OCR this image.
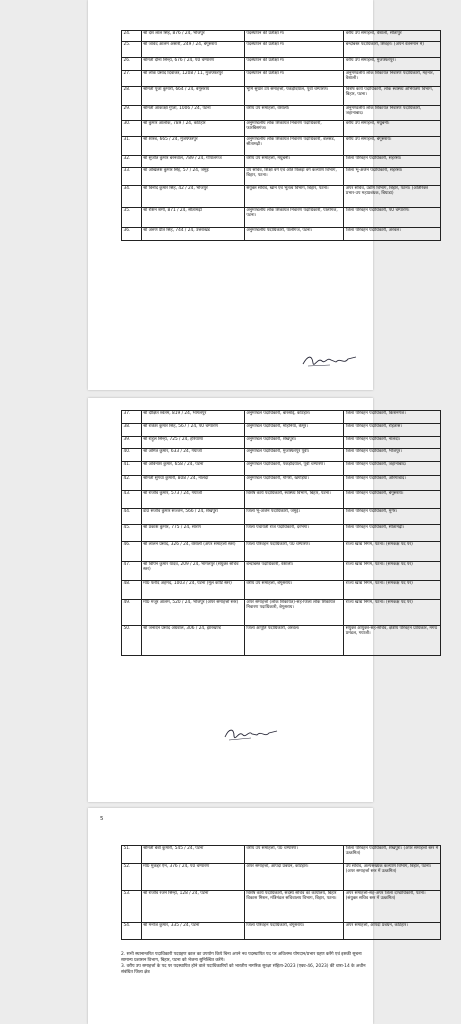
24.	श्री देश लाल सिंह, 876 / 24, भोजपुर	पदस्थापन की प्रतीक्षा में।	वरीय उप समाहर्त्ता, वैशाली, सीतापुर
25.	श्री जावेद आलम अंसारी, 249 / 24, बेगूसराय	पदस्थापन की प्रतीक्षा में।	बन्दोबस्त पदाधिकारी, शिवहर। (अपने वेतनमान में)
26.	श्रीमती दीना सिन्हा, 676 / 24, प0 चम्पारण	पदस्थापन की प्रतीक्षा में।	वरीय उप समाहर्त्ता, मुजफ्फरपुर।
27.	श्री लोक प्रसाद दिवाकर, 1208 / 11, मुजफ्फरपुर	पदस्थापन की प्रतीक्षा में।	अनुमण्डलीय लोक शिकायत निवारण पदाधिकारी, महनार, वैशाली।
28.	श्रीमती पूजा कुमारी, 664 / 24, बेगूसराय	भूमि सुधार उप समाहर्त्ता, पकड़ीदयाल, पूर्वी चम्पारण।	विशेष कार्य पदाधिकारी, लोक स्वास्थ्य अभियंत्रण विभाग, बिहार, पटना।
29.	श्रीमती आकांक्षा गुप्ता, 1006 / 24, पटना	वरीय उप समाहर्त्ता, वैशाली।	अनुमण्डलीय लोक शिकायत निवारण पदाधिकारी, जहानाबाद।
30.	श्री कुमार आलोक, 789 / 24, कटिहार	अनुमण्डलीय लोक शिकायत निवारण पदाधिकारी, फारबिसगंज।	वरीय उप समाहर्त्ता, मधुबनी।
31.	श्री शारब, 665 / 24, मुजफ्फरपुर	अनुमण्डलीय लोक शिकायत निवारण पदाधिकारी, बेलसंड, सीतामढ़ी।	वरीय उप समाहर्त्ता, बेगूसराय।
32.	श्री सुजीत कुमार बरनवाल, 789 / 24, गोपालगंज	वरीय उप समाहर्त्ता, मधुबनी।	जिला परिवहन पदाधिकारी, सहरसा।
33.	श्री अखिलेश कुमार सिंह, 57 / 24, जमुई	उप सचिव, शिक्षा वर्ग एवं अति पिछड़ा वर्ग कल्याण विभाग, बिहार, पटना।	जिला भू-अर्जन पदाधिकारी, सहरसा।
34.	श्री विनोद कुमार सिंह, 42 / 24, भोजपुर	संयुक्त सचिव, खान एवं भूतत्व विभाग, बिहार, पटना।	अपर सचिव, उद्योग विभाग, बिहार, पटना। (अतिरिक्त प्रभार-उप महाप्रबंधक, बियाडा)
35.	श्री रौशन शमी, 871 / 24, सीतामढ़ी	अनुमण्डलीय लोक शिकायत निवारण पदाधिकारी, पालीगंज, पटना।	जिला परिवहन पदाधिकारी, प0 चम्पारण।
36.	श्री अरुण प्रीत सिंह, 744 / 24, उत्तराखंड	अनुमण्डलीय पदाधिकारी, पालीगंज, पटना।	जिला परिवहन पदाधिकारी, अरवल।
37.	श्री दीक्षित श्वेतम, 819 / 24, भागलपुर	अनुमण्डल पदाधिकारी, बारसोई, कटिहार।	जिला परिवहन पदाधिकारी, किशनगंज।
38.	श्री राकेश कुमार सिंह, 567 / 24, प0 चम्पारण	अनुमण्डल पदाधिकारी, मोहनियाँ, कैमूर।	जिला परिवहन पदाधिकारी, रोहतास।
39.	श्री राहुल सिन्हा, 725 / 24, हरियाणा	अनुमण्डल पदाधिकारी, शेखपुरा।	जिला परिवहन पदाधिकारी, नालंदा।
40.	श्री अमित कुमार, 633 / 24, गयाजी	अनुमण्डल पदाधिकारी, मुजफ्फरपुर पूर्वी।	जिला परिवहन पदाधिकारी, भोजपुर।
41.	श्री अविनाश कुमार, 658 / 24, पटना	अनुमण्डल पदाधिकारी, पकड़ीदयाल, पूर्वी चम्पारण।	जिला परिवहन पदाधिकारी, जहानाबाद।
42.	श्रीमती सुगंधा कुमारी, 808 / 24, नालंदा	अनुमण्डल पदाधिकारी, गोगरी, खगड़िया।	जिला परिवहन पदाधिकारी, औरंगाबाद।
43.	श्री राजीव कुमार, 573 / 24, गयाजी	विशेष कार्य पदाधिकारी, स्वास्थ्य विभाग, बिहार, पटना।	जिला परिवहन पदाधिकारी, बेगूसराय।
44.	डॉ0 संजीव कुमार सज्जन, 566 / 24, शेखपुरा	जिला भू-अर्जन पदाधिकारी, जमुई।	जिला परिवहन पदाधिकारी, मुंगेर।
45.	श्री प्रकाश कुमार, 775 / 24, सारण	जिला पंचायती राज पदाधिकारी, दरभंगा।	जिला परिवहन पदाधिकारी, सीतामढ़ी।
46.	श्री लालन प्रसाद, 326 / 24, वैशाली (अपर समाहर्त्ता स्तर)	जिला परिवहन पदाधिकारी, प0 चम्पारण।	राज्य खाद्य निगम, पटना। (समकक्ष पद पर)
47.	श्री विपिन कुमार यादव, 209 / 24, भागलपुर (संयुक्त सचिव स्तर)	बन्दोबस्त पदाधिकारी, वैशाली।	राज्य खाद्य निगम, पटना। (समकक्ष पद पर)
48.	मो0 फरीद अहमद, 1003 / 24, पटना (मूल कोटि स्तर)	वरीय उप समाहर्त्ता, बेगूसराय।	राज्य खाद्य निगम, पटना। (समकक्ष पद पर)
49.	मो0 मंजूर आलम, 520 / 24, भोजपुर (अपर समाहर्त्ता स्तर)	अपर समाहर्त्ता (लोक शिकायत)-सह-जिला लोक शिकायत निवारण पदाधिकारी, बेगूसराय।	राज्य खाद्य निगम, पटना। (समकक्ष पद पर)
50.	श्री जनार्दन प्रसाद अग्रवाल, 306 / 24, झारखण्ड	जिला आपूर्ति पदाधिकारी, अरवल।	संयुक्त आयुक्त-सह-सचिव, क्षेत्रीय परिवहन प्राधिकार, मगध प्रमंडल, गयाजी।
5
51.	श्रीमती बेबी कुमारी, 545 / 24, पटना	वरीय उप समाहर्त्ता, प0 चम्पारण।	जिला परिवहन पदाधिकारी, शेखपुरा। (अपर समाहर्त्ता स्तर में उत्क्रमित)
52.	मो0 मुकद्दर ऐन, 376 / 24, प0 चम्पारण	अपर समाहर्त्ता, आपदा प्रबंधन, कटिहार।	उप सचिव, अल्पसंख्यक कल्याण विभाग, बिहार, पटना। (अपर समाहर्त्ता स्तर में उत्क्रमित)
53.	श्री राजीव रंजन सिन्हा, 128 / 24, पटना	विशेष कार्य पदाधिकारी, सदस्य सचिव का कार्यालय, बिहार विकास मिशन, मंत्रिमंडल सचिवालय विभाग, बिहार, पटना।	अपर समाहर्त्ता-सह-अपर जिला दण्डाधिकारी, पटना। (संयुक्त सचिव स्तर में उत्क्रमित)
54.	श्री मनोज कुमार, 335 / 24, पटना	जिला परिवहन पदाधिकारी, बेगूसराय।	अपर समाहर्त्ता, आपदा प्रबंधन, कटिहार।
2. सभी स्थानान्तरित पदाधिकारी पदग्रहण काल का उपयोग किये बिना अपने नव पदस्थापित पद पर अविलम्ब योगदान/प्रभार ग्रहण करेंगे एवं इसकी सूचना सामान्य प्रशासन विभाग, बिहार, पटना को भेजना सुनिश्चित करेंगे।
3. वरीय उप समाहर्त्ता के पद पर पदस्थापित होने वाले पदाधिकारियों को भारतीय नागरिक सुरक्षा संहिता-2023 (एक्ट-46, 2023) की धारा-14 के अधीन संबंधित जिला क्षेत्र
